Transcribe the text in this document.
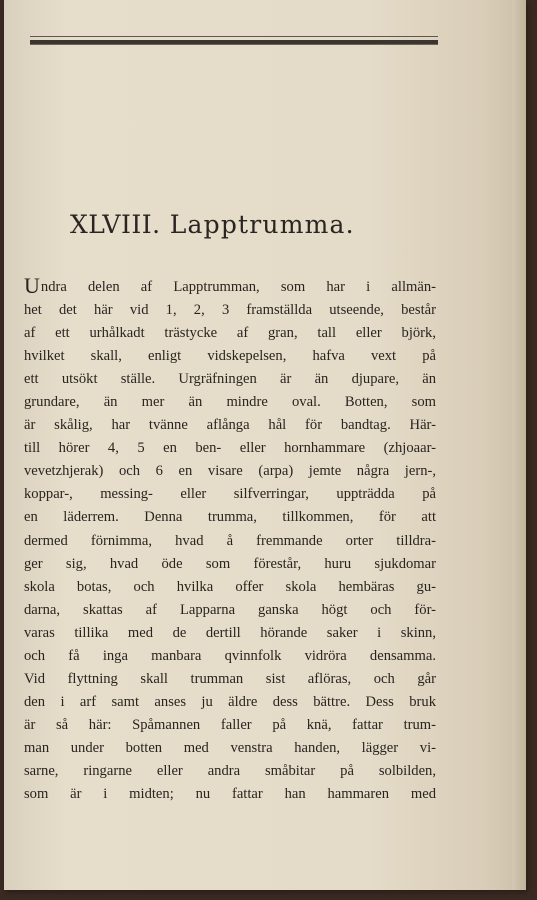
XLVIII. Lapptrumma.
Undra delen af Lapptrumman, som har i allmän-
het det här vid 1, 2, 3 framställda utseende, består
af ett urhålkadt trästycke af gran, tall eller björk,
hvilket skall, enligt vidskepelsen, hafva vext på
ett utsökt ställe. Urgräfningen är än djupare, än
grundare, än mer än mindre oval. Botten, som
är skålig, har tvänne aflånga hål för bandtag. Här-
till hörer 4, 5 en ben- eller hornhammare (zhjoaar-
vevetzhjerak) och 6 en visare (arpa) jemte några jern-,
koppar-, messing- eller silfverringar, uppträdda på
en läderrem. Denna trumma, tillkommen, för att
dermed förnimma, hvad å fremmande orter tilldra-
ger sig, hvad öde som förestår, huru sjukdomar
skola botas, och hvilka offer skola hembäras gu-
darna, skattas af Lapparna ganska högt och för-
varas tillika med de dertill hörande saker i skinn,
och få inga manbara qvinnfolk vidröra densamma.
Vid flyttning skall trumman sist aflöras, och går
den i arf samt anses ju äldre dess bättre. Dess bruk
är så här: Spåmannen faller på knä, fattar trum-
man under botten med venstra handen, lägger vi-
sarne, ringarne eller andra småbitar på solbilden,
som är i midten; nu fattar han hammaren med
